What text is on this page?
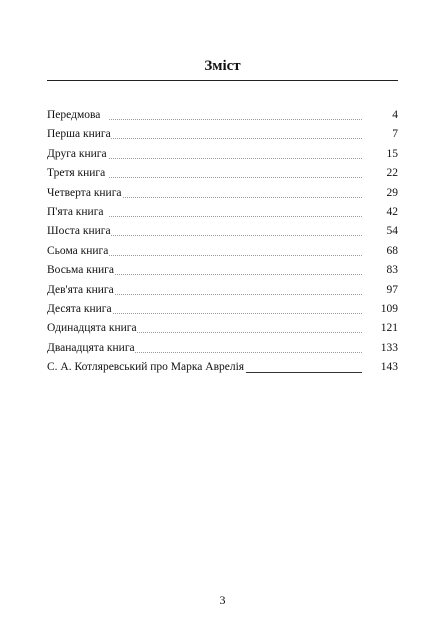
Зміст
Передмова	4
Перша книга	7
Друга книга	15
Третя книга	22
Четверта книга	29
П'ята книга	42
Шоста книга	54
Сьома книга	68
Восьма книга	83
Дев'ята книга	97
Десята книга	109
Одинадцята книга	121
Дванадцята книга	133
С. А. Котляревський про Марка Аврелія	143
3
